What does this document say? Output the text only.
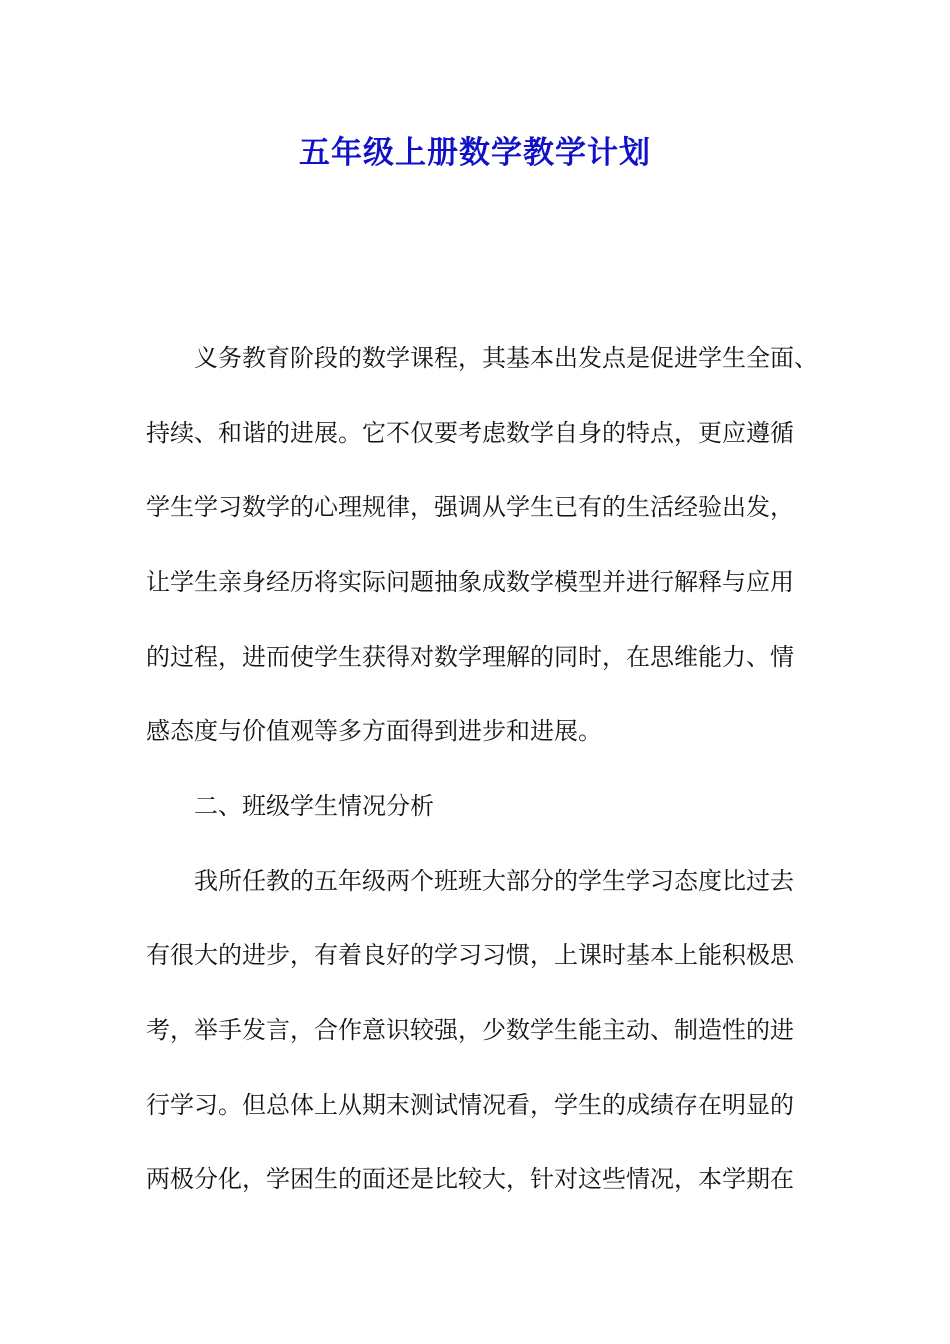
五年级上册数学教学计划
义务教育阶段的数学课程，其基本出发点是促进学生全面、
持续、和谐的进展。它不仅要考虑数学自身的特点，更应遵循
学生学习数学的心理规律，强调从学生已有的生活经验出发，
让学生亲身经历将实际问题抽象成数学模型并进行解释与应用
的过程，进而使学生获得对数学理解的同时，在思维能力、情
感态度与价值观等多方面得到进步和进展。
二、班级学生情况分析
我所任教的五年级两个班班大部分的学生学习态度比过去
有很大的进步，有着良好的学习习惯，上课时基本上能积极思
考，举手发言，合作意识较强，少数学生能主动、制造性的进
行学习。但总体上从期末测试情况看，学生的成绩存在明显的
两极分化，学困生的面还是比较大，针对这些情况，本学期在
